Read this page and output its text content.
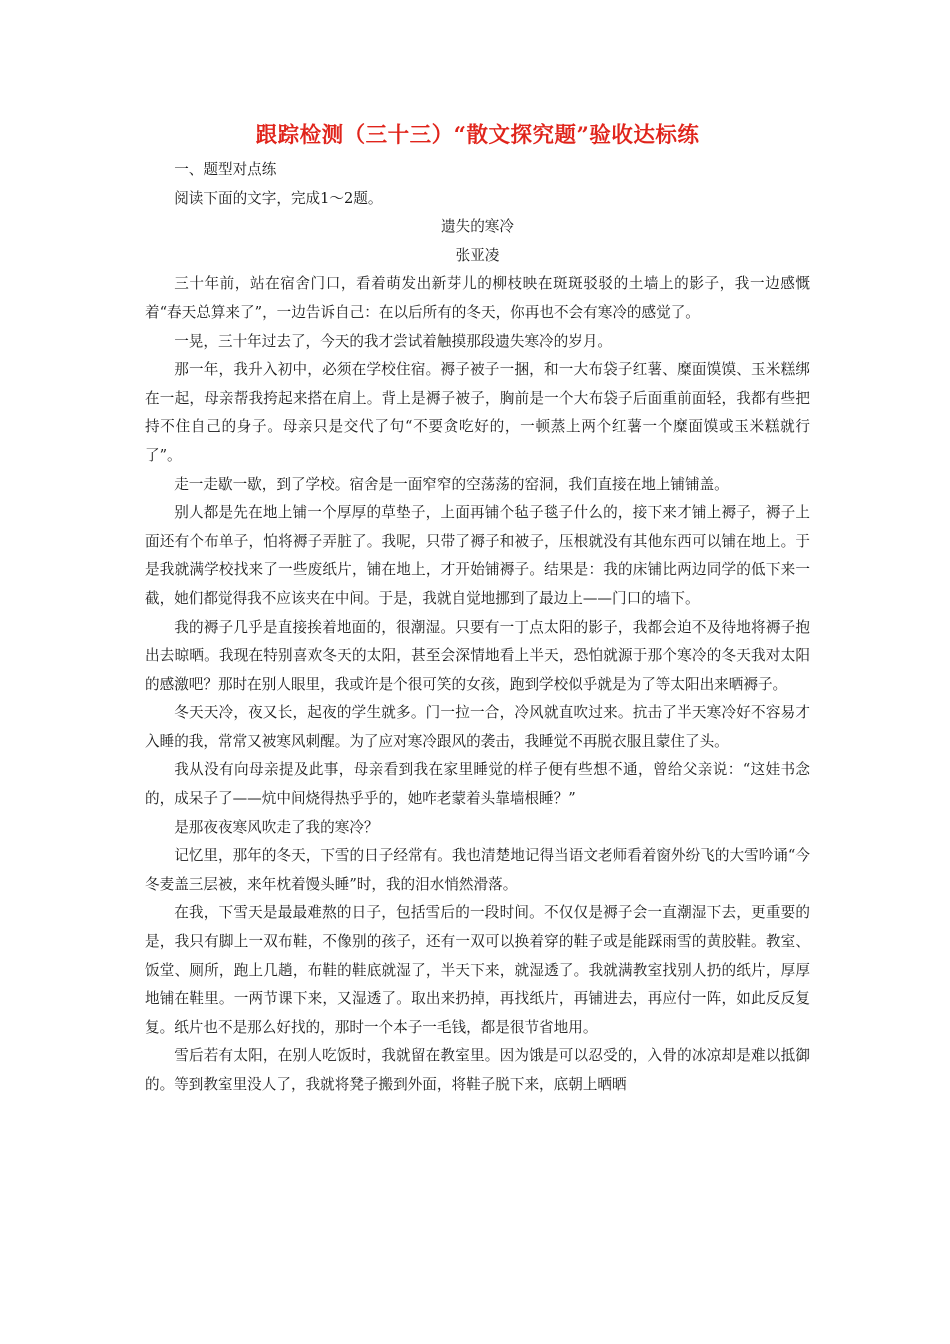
跟踪检测（三十三）“散文探究题”验收达标练

一、题型对点练

阅读下面的文字，完成1～2题。

遗失的寒冷

张亚凌

三十年前，站在宿舍门口，看着萌发出新芽儿的柳枝映在斑斑驳驳的土墙上的影子，我一边感慨着“春天总算来了”，一边告诉自己：在以后所有的冬天，你再也不会有寒冷的感觉了。

一晃，三十年过去了，今天的我才尝试着触摸那段遗失寒冷的岁月。

那一年，我升入初中，必须在学校住宿。褥子被子一捆，和一大布袋子红薯、糜面馍馍、玉米糕绑在一起，母亲帮我挎起来搭在肩上。背上是褥子被子，胸前是一个大布袋子后面重前面轻，我都有些把持不住自己的身子。母亲只是交代了句“不要贪吃好的，一顿蒸上两个红薯一个糜面馍或玉米糕就行了”。

走一走歇一歇，到了学校。宿舍是一面窄窄的空荡荡的窑洞，我们直接在地上铺铺盖。

别人都是先在地上铺一个厚厚的草垫子，上面再铺个毡子毯子什么的，接下来才铺上褥子，褥子上面还有个布单子，怕将褥子弄脏了。我呢，只带了褥子和被子，压根就没有其他东西可以铺在地上。于是我就满学校找来了一些废纸片，铺在地上，才开始铺褥子。结果是：我的床铺比两边同学的低下来一截，她们都觉得我不应该夹在中间。于是，我就自觉地挪到了最边上——门口的墙下。

我的褥子几乎是直接挨着地面的，很潮湿。只要有一丁点太阳的影子，我都会迫不及待地将褥子抱出去晾晒。我现在特别喜欢冬天的太阳，甚至会深情地看上半天，恐怕就源于那个寒冷的冬天我对太阳的感激吧？那时在别人眼里，我或许是个很可笑的女孩，跑到学校似乎就是为了等太阳出来晒褥子。

冬天天冷，夜又长，起夜的学生就多。门一拉一合，冷风就直吹过来。抗击了半天寒冷好不容易才入睡的我，常常又被寒风刺醒。为了应对寒冷跟风的袭击，我睡觉不再脱衣服且蒙住了头。

我从没有向母亲提及此事，母亲看到我在家里睡觉的样子便有些想不通，曾给父亲说：“这娃书念的，成呆子了——炕中间烧得热乎乎的，她咋老蒙着头靠墙根睡？”

是那夜夜寒风吹走了我的寒冷？

记忆里，那年的冬天，下雪的日子经常有。我也清楚地记得当语文老师看着窗外纷飞的大雪吟诵“今冬麦盖三层被，来年枕着馒头睡”时，我的泪水悄然滑落。

在我，下雪天是最最难熬的日子，包括雪后的一段时间。不仅仅是褥子会一直潮湿下去，更重要的是，我只有脚上一双布鞋，不像别的孩子，还有一双可以换着穿的鞋子或是能踩雨雪的黄胶鞋。教室、饭堂、厕所，跑上几趟，布鞋的鞋底就湿了，半天下来，就湿透了。我就满教室找别人扔的纸片，厚厚地铺在鞋里。一两节课下来，又湿透了。取出来扔掉，再找纸片，再铺进去，再应付一阵，如此反反复复。纸片也不是那么好找的，那时一个本子一毛钱，都是很节省地用。

雪后若有太阳，在别人吃饭时，我就留在教室里。因为饿是可以忍受的，入骨的冰凉却是难以抵御的。等到教室里没人了，我就将凳子搬到外面，将鞋子脱下来，底朝上晒晒
